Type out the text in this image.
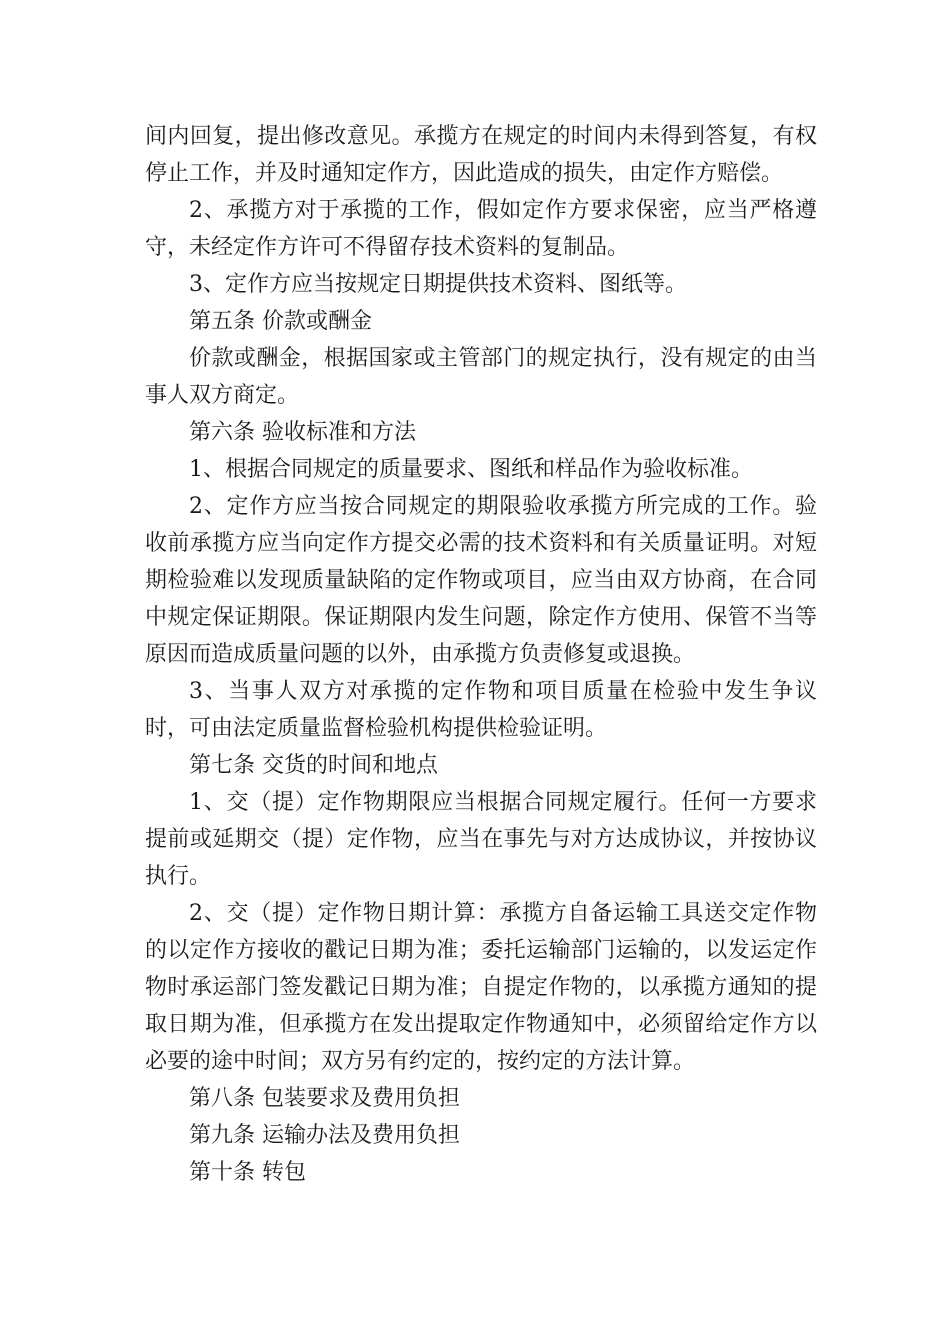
间内回复，提出修改意见。承揽方在规定的时间内未得到答复，有权停止工作，并及时通知定作方，因此造成的损失，由定作方赔偿。

2、承揽方对于承揽的工作，假如定作方要求保密，应当严格遵守，未经定作方许可不得留存技术资料的复制品。

3、定作方应当按规定日期提供技术资料、图纸等。

第五条 价款或酬金

价款或酬金，根据国家或主管部门的规定执行，没有规定的由当事人双方商定。

第六条 验收标准和方法

1、根据合同规定的质量要求、图纸和样品作为验收标准。

2、定作方应当按合同规定的期限验收承揽方所完成的工作。验收前承揽方应当向定作方提交必需的技术资料和有关质量证明。对短期检验难以发现质量缺陷的定作物或项目，应当由双方协商，在合同中规定保证期限。保证期限内发生问题，除定作方使用、保管不当等原因而造成质量问题的以外，由承揽方负责修复或退换。

3、当事人双方对承揽的定作物和项目质量在检验中发生争议时，可由法定质量监督检验机构提供检验证明。

第七条 交货的时间和地点

1、交（提）定作物期限应当根据合同规定履行。任何一方要求提前或延期交（提）定作物，应当在事先与对方达成协议，并按协议执行。

2、交（提）定作物日期计算：承揽方自备运输工具送交定作物的以定作方接收的戳记日期为准；委托运输部门运输的，以发运定作物时承运部门签发戳记日期为准；自提定作物的，以承揽方通知的提取日期为准，但承揽方在发出提取定作物通知中，必须留给定作方以必要的途中时间；双方另有约定的，按约定的方法计算。

第八条 包装要求及费用负担

第九条 运输办法及费用负担

第十条 转包
